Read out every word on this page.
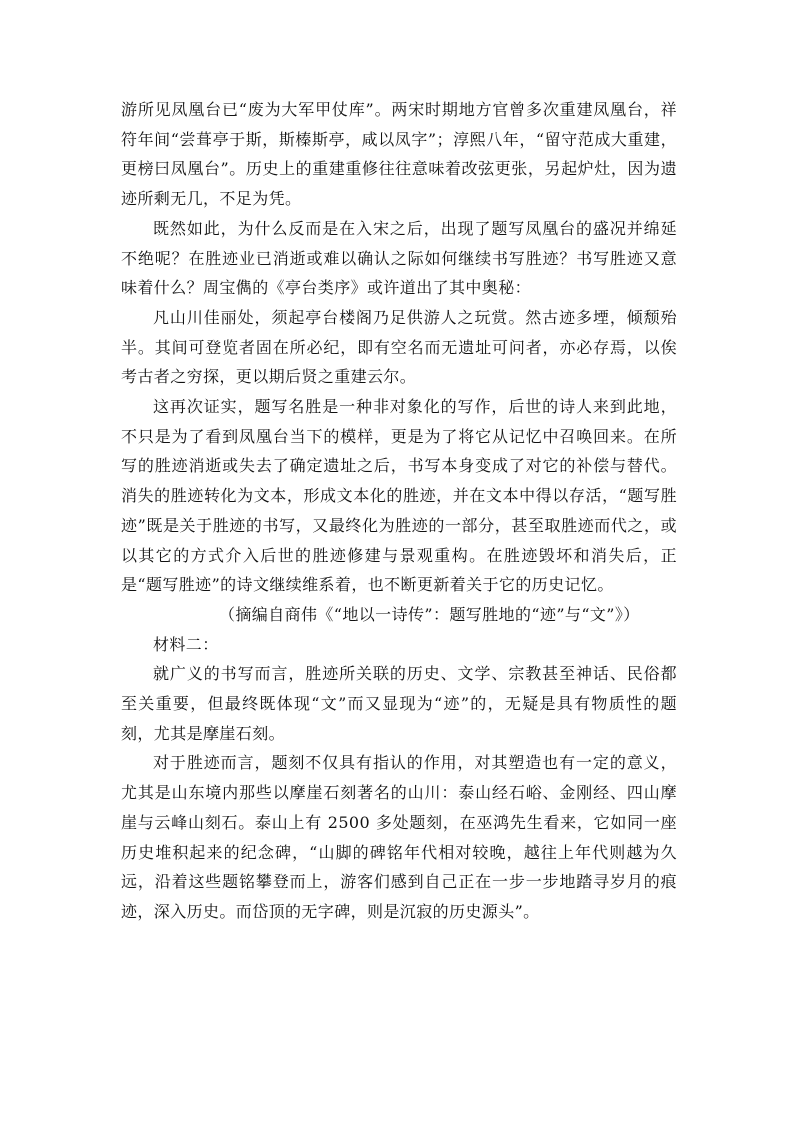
游所见凤凰台已“废为大军甲仗库”。两宋时期地方官曾多次重建凤凰台，祥符年间“尝葺亭于斯，斯榛斯亭，咸以凤字”；淳熙八年，“留守范成大重建，更榜曰凤凰台”。历史上的重建重修往往意味着改弦更张，另起炉灶，因为遗迹所剩无几，不足为凭。

既然如此，为什么反而是在入宋之后，出现了题写凤凰台的盛况并绵延不绝呢？在胜迹业已消逝或难以确认之际如何继续书写胜迹？书写胜迹又意味着什么？周宝儁的《亭台类序》或许道出了其中奥秘：

凡山川佳丽处，须起亭台楼阁乃足供游人之玩赏。然古迹多堙，倾颓殆半。其间可登览者固在所必纪，即有空名而无遗址可问者，亦必存焉，以俟考古者之穷探，更以期后贤之重建云尔。

这再次证实，题写名胜是一种非对象化的写作，后世的诗人来到此地，不只是为了看到凤凰台当下的模样，更是为了将它从记忆中召唤回来。在所写的胜迹消逝或失去了确定遗址之后，书写本身变成了对它的补偿与替代。消失的胜迹转化为文本，形成文本化的胜迹，并在文本中得以存活，“题写胜迹”既是关于胜迹的书写，又最终化为胜迹的一部分，甚至取胜迹而代之，或以其它的方式介入后世的胜迹修建与景观重构。在胜迹毁坏和消失后，正是“题写胜迹”的诗文继续维系着，也不断更新着关于它的历史记忆。

（摘编自商伟《“地以一诗传”：题写胜地的“迹”与“文”》）

材料二：

就广义的书写而言，胜迹所关联的历史、文学、宗教甚至神话、民俗都至关重要，但最终既体现“文”而又显现为“迹”的，无疑是具有物质性的题刻，尤其是摩崖石刻。

对于胜迹而言，题刻不仅具有指认的作用，对其塑造也有一定的意义，尤其是山东境内那些以摩崖石刻著名的山川：泰山经石峪、金刚经、四山摩崖与云峰山刻石。泰山上有 2500 多处题刻，在巫鸿先生看来，它如同一座历史堆积起来的纪念碑，“山脚的碑铭年代相对较晚，越往上年代则越为久远，沿着这些题铭攀登而上，游客们感到自己正在一步一步地踏寻岁月的痕迹，深入历史。而岱顶的无字碑，则是沉寂的历史源头”。
